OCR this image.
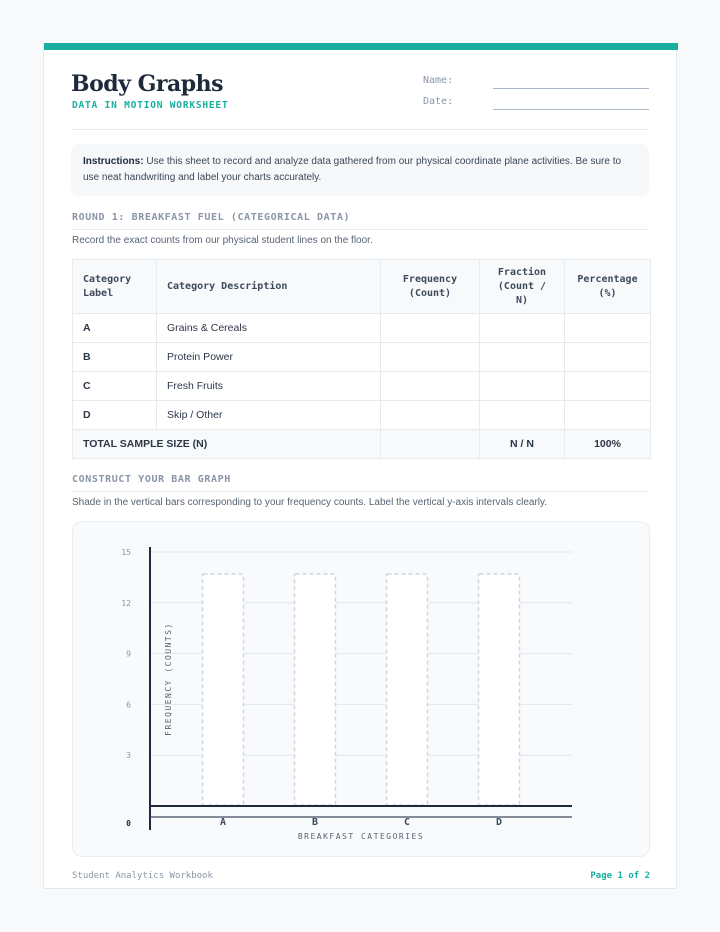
Body Graphs
DATA IN MOTION WORKSHEET
Name:
Date:
Instructions: Use this sheet to record and analyze data gathered from our physical coordinate plane activities. Be sure to use neat handwriting and label your charts accurately.
ROUND 1: BREAKFAST FUEL (CATEGORICAL DATA)
Record the exact counts from our physical student lines on the floor.
Category Label	Category Description	Frequency (Count)	Fraction (Count / N)	Percentage (%)
A	Grains & Cereals			
B	Protein Power			
C	Fresh Fruits			
D	Skip / Other			
TOTAL SAMPLE SIZE (N)			N / N	100%
CONSTRUCT YOUR BAR GRAPH
Shade in the vertical bars corresponding to your frequency counts. Label the vertical y-axis intervals clearly.
0
3
6
9
12
15
A	B	C	D
BREAKFAST CATEGORIES
FREQUENCY (COUNTS)
Student Analytics Workbook	Page 1 of 2
